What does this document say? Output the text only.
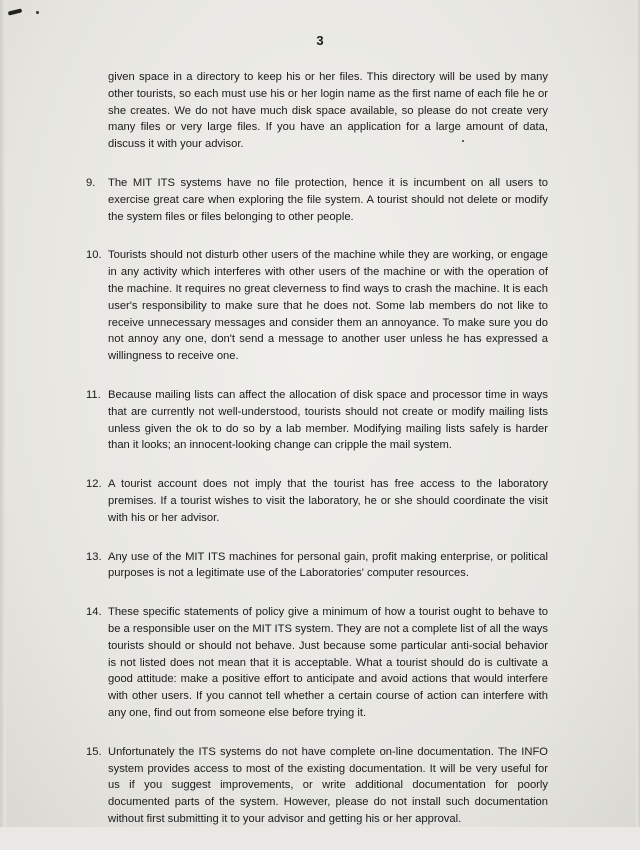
3
given space in a directory to keep his or her files. This directory will be used by many other tourists, so each must use his or her login name as the first name of each file he or she creates. We do not have much disk space available, so please do not create very many files or very large files. If you have an application for a large amount of data, discuss it with your advisor.
9.	The MIT ITS systems have no file protection, hence it is incumbent on all users to exercise great care when exploring the file system. A tourist should not delete or modify the system files or files belonging to other people.
10. Tourists should not disturb other users of the machine while they are working, or engage in any activity which interferes with other users of the machine or with the operation of the machine. It requires no great cleverness to find ways to crash the machine. It is each user's responsibility to make sure that he does not. Some lab members do not like to receive unnecessary messages and consider them an annoyance. To make sure you do not annoy any one, don't send a message to another user unless he has expressed a willingness to receive one.
11. Because mailing lists can affect the allocation of disk space and processor time in ways that are currently not well-understood, tourists should not create or modify mailing lists unless given the ok to do so by a lab member. Modifying mailing lists safely is harder than it looks; an innocent-looking change can cripple the mail system.
12. A tourist account does not imply that the tourist has free access to the laboratory premises. If a tourist wishes to visit the laboratory, he or she should coordinate the visit with his or her advisor.
13. Any use of the MIT ITS machines for personal gain, profit making enterprise, or political purposes is not a legitimate use of the Laboratories' computer resources.
14. These specific statements of policy give a minimum of how a tourist ought to behave to be a responsible user on the MIT ITS system. They are not a complete list of all the ways tourists should or should not behave. Just because some particular anti-social behavior is not listed does not mean that it is acceptable. What a tourist should do is cultivate a good attitude: make a positive effort to anticipate and avoid actions that would interfere with other users. If you cannot tell whether a certain course of action can interfere with any one, find out from someone else before trying it.
15. Unfortunately the ITS systems do not have complete on-line documentation. The INFO system provides access to most of the existing documentation. It will be very useful for us if you suggest improvements, or write additional documentation for poorly documented parts of the system. However, please do not install such documentation without first submitting it to your advisor and getting his or her approval.
